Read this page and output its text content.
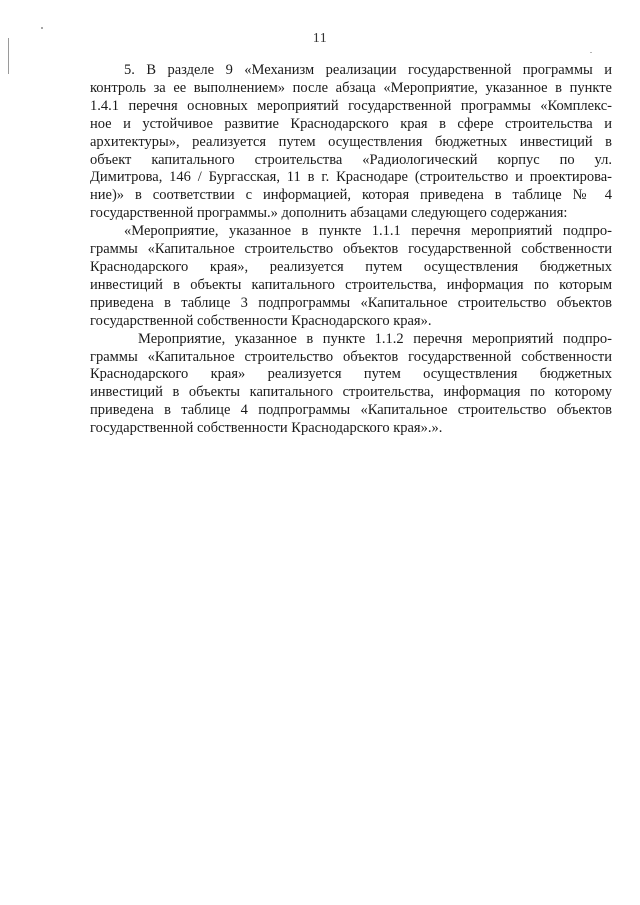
11
5. В разделе 9 «Механизм реализации государственной программы и
контроль за ее выполнением» после абзаца «Мероприятие, указанное в пункте
1.4.1 перечня основных мероприятий государственной программы «Комплекс-
ное и устойчивое развитие Краснодарского края в сфере строительства и
архитектуры», реализуется путем осуществления бюджетных инвестиций в
объект капитального строительства «Радиологический корпус по ул.
Димитрова, 146 / Бургасская, 11 в г. Краснодаре (строительство и проектирова-
ние)» в соответствии с информацией, которая приведена в таблице № 4
государственной программы.» дополнить абзацами следующего содержания:
«Мероприятие, указанное в пункте 1.1.1 перечня мероприятий подпро-
граммы «Капитальное строительство объектов государственной собственности
Краснодарского края», реализуется путем осуществления бюджетных
инвестиций в объекты капитального строительства, информация по которым
приведена в таблице 3 подпрограммы «Капитальное строительство объектов
государственной собственности Краснодарского края».
Мероприятие, указанное в пункте 1.1.2 перечня мероприятий подпро-
граммы «Капитальное строительство объектов государственной собственности
Краснодарского края» реализуется путем осуществления бюджетных
инвестиций в объекты капитального строительства, информация по которому
приведена в таблице 4 подпрограммы «Капитальное строительство объектов
государственной собственности Краснодарского края».».
